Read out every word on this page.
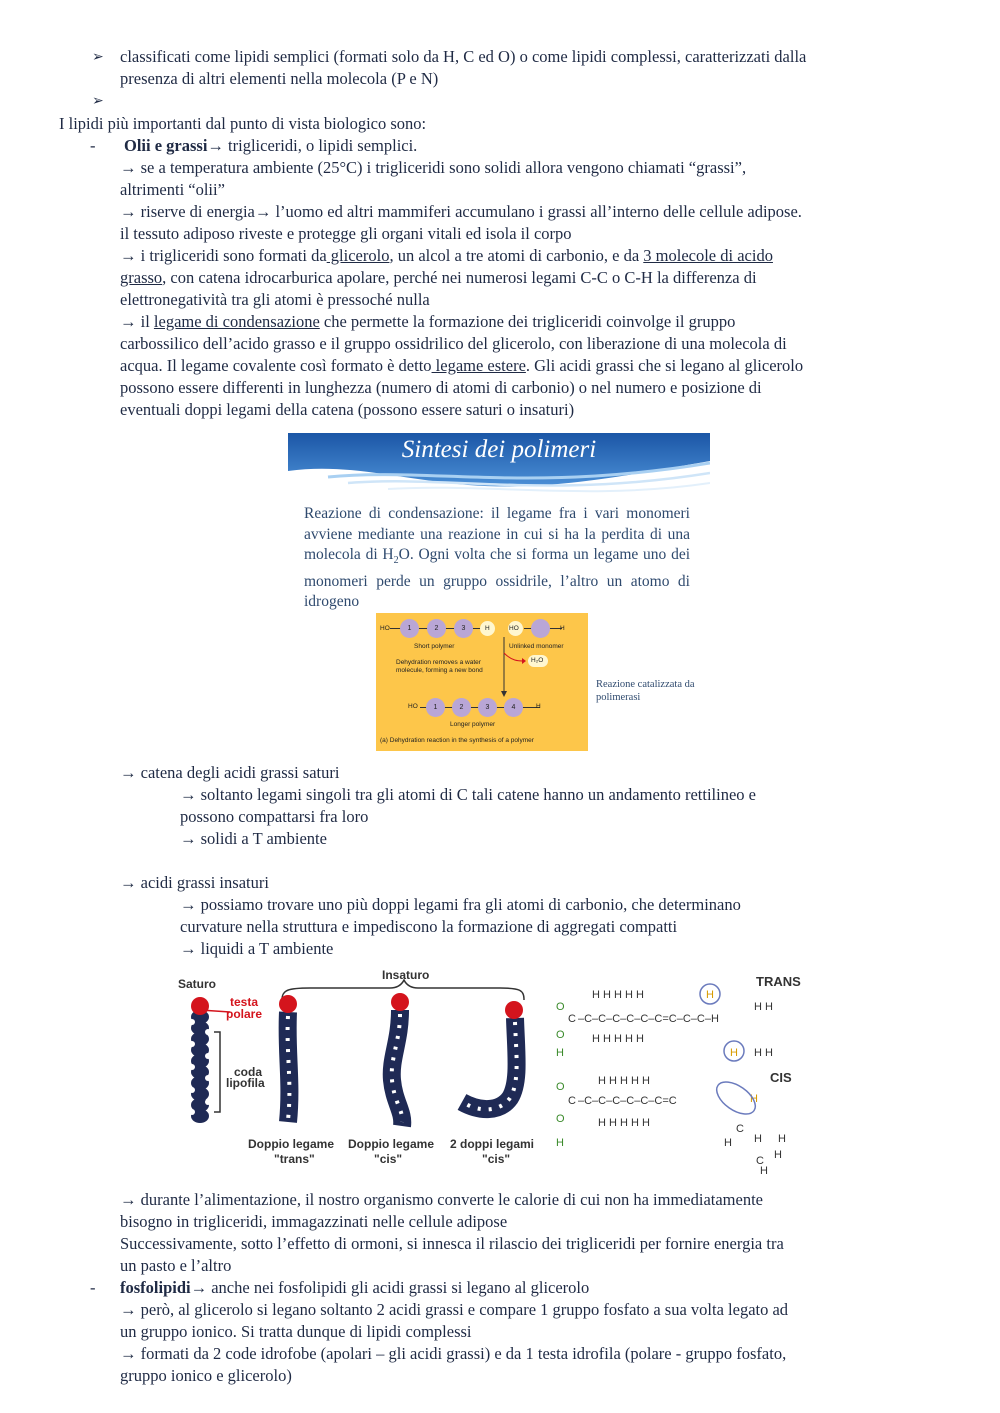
➢ classificati come lipidi semplici (formati solo da H, C ed O) o come lipidi complessi, caratterizzati dalla
presenza di altri elementi nella molecola (P e N)
➢
I lipidi più importanti dal punto di vista biologico sono:
- Olii e grassi→ trigliceridi, o lipidi semplici.
→ se a temperatura ambiente (25°C) i trigliceridi sono solidi allora vengono chiamati “grassi”,
altrimenti “olii”
→ riserve di energia→ l’uomo ed altri mammiferi accumulano i grassi all’interno delle cellule adipose.
il tessuto adiposo riveste e protegge gli organi vitali ed isola il corpo
→ i trigliceridi sono formati da glicerolo, un alcol a tre atomi di carbonio, e da 3 molecole di acido
grasso, con catena idrocarburica apolare, perché nei numerosi legami C-C o C-H la differenza di
elettronegatività tra gli atomi è pressoché nulla
→ il legame di condensazione che permette la formazione dei trigliceridi coinvolge il gruppo
carbossilico dell’acido grasso e il gruppo ossidrilico del glicerolo, con liberazione di una molecola di
acqua. Il legame covalente così formato è detto legame estere. Gli acidi grassi che si legano al glicerolo
possono essere differenti in lunghezza (numero di atomi di carbonio) o nel numero e posizione di
eventuali doppi legami della catena (possono essere saturi o insaturi)
Sintesi dei polimeri
Reazione di condensazione: il legame fra i vari monomeri avviene mediante una reazione in cui si ha la perdita di una molecola di $H_2O$. Ogni volta che si forma un legame uno dei monomeri perde un gruppo ossidrile, l’altro un atomo di idrogeno
HO	1	2	3	H	HO	H
Short polymer	Unlinked monomer
Dehydration removes a water
molecule, forming a new bond
H₂O
HO	1	2	3	4	H
Longer polymer
(a) Dehydration reaction in the synthesis of a polymer
Reazione catalizzata da polimerasi
→ catena degli acidi grassi saturi
→ soltanto legami singoli tra gli atomi di C tali catene hanno un andamento rettilineo e
possono compattarsi fra loro
→ solidi a T ambiente
→ acidi grassi insaturi
→ possiamo trovare uno più doppi legami fra gli atomi di carbonio, che determinano
curvature nella struttura e impediscono la formazione di aggregati compatti
→ liquidi a T ambiente
Saturo
Insaturo
testa
polare
coda
lipofila
Doppio legame
"trans"
Doppio legame
"cis"
2 doppi legami
"cis"
TRANS
CIS
O
C
O
H
–C–C–C–C–C–C=C–C–C–H
H H H H H
H H H H H
H H
H H
H
H
O
C
O
H
–C–C–C–C–C–C=C
H H H H H
H H H H H
H
C
H
C H
H
H
H
→ durante l’alimentazione, il nostro organismo converte le calorie di cui non ha immediatamente
bisogno in trigliceridi, immagazzinati nelle cellule adipose
Successivamente, sotto l’effetto di ormoni, si innesca il rilascio dei trigliceridi per fornire energia tra
un pasto e l’altro
- fosfolipidi→ anche nei fosfolipidi gli acidi grassi si legano al glicerolo
→ però, al glicerolo si legano soltanto 2 acidi grassi e compare 1 gruppo fosfato a sua volta legato ad
un gruppo ionico. Si tratta dunque di lipidi complessi
→ formati da 2 code idrofobe (apolari – gli acidi grassi) e da 1 testa idrofila (polare - gruppo fosfato,
gruppo ionico e glicerolo)
